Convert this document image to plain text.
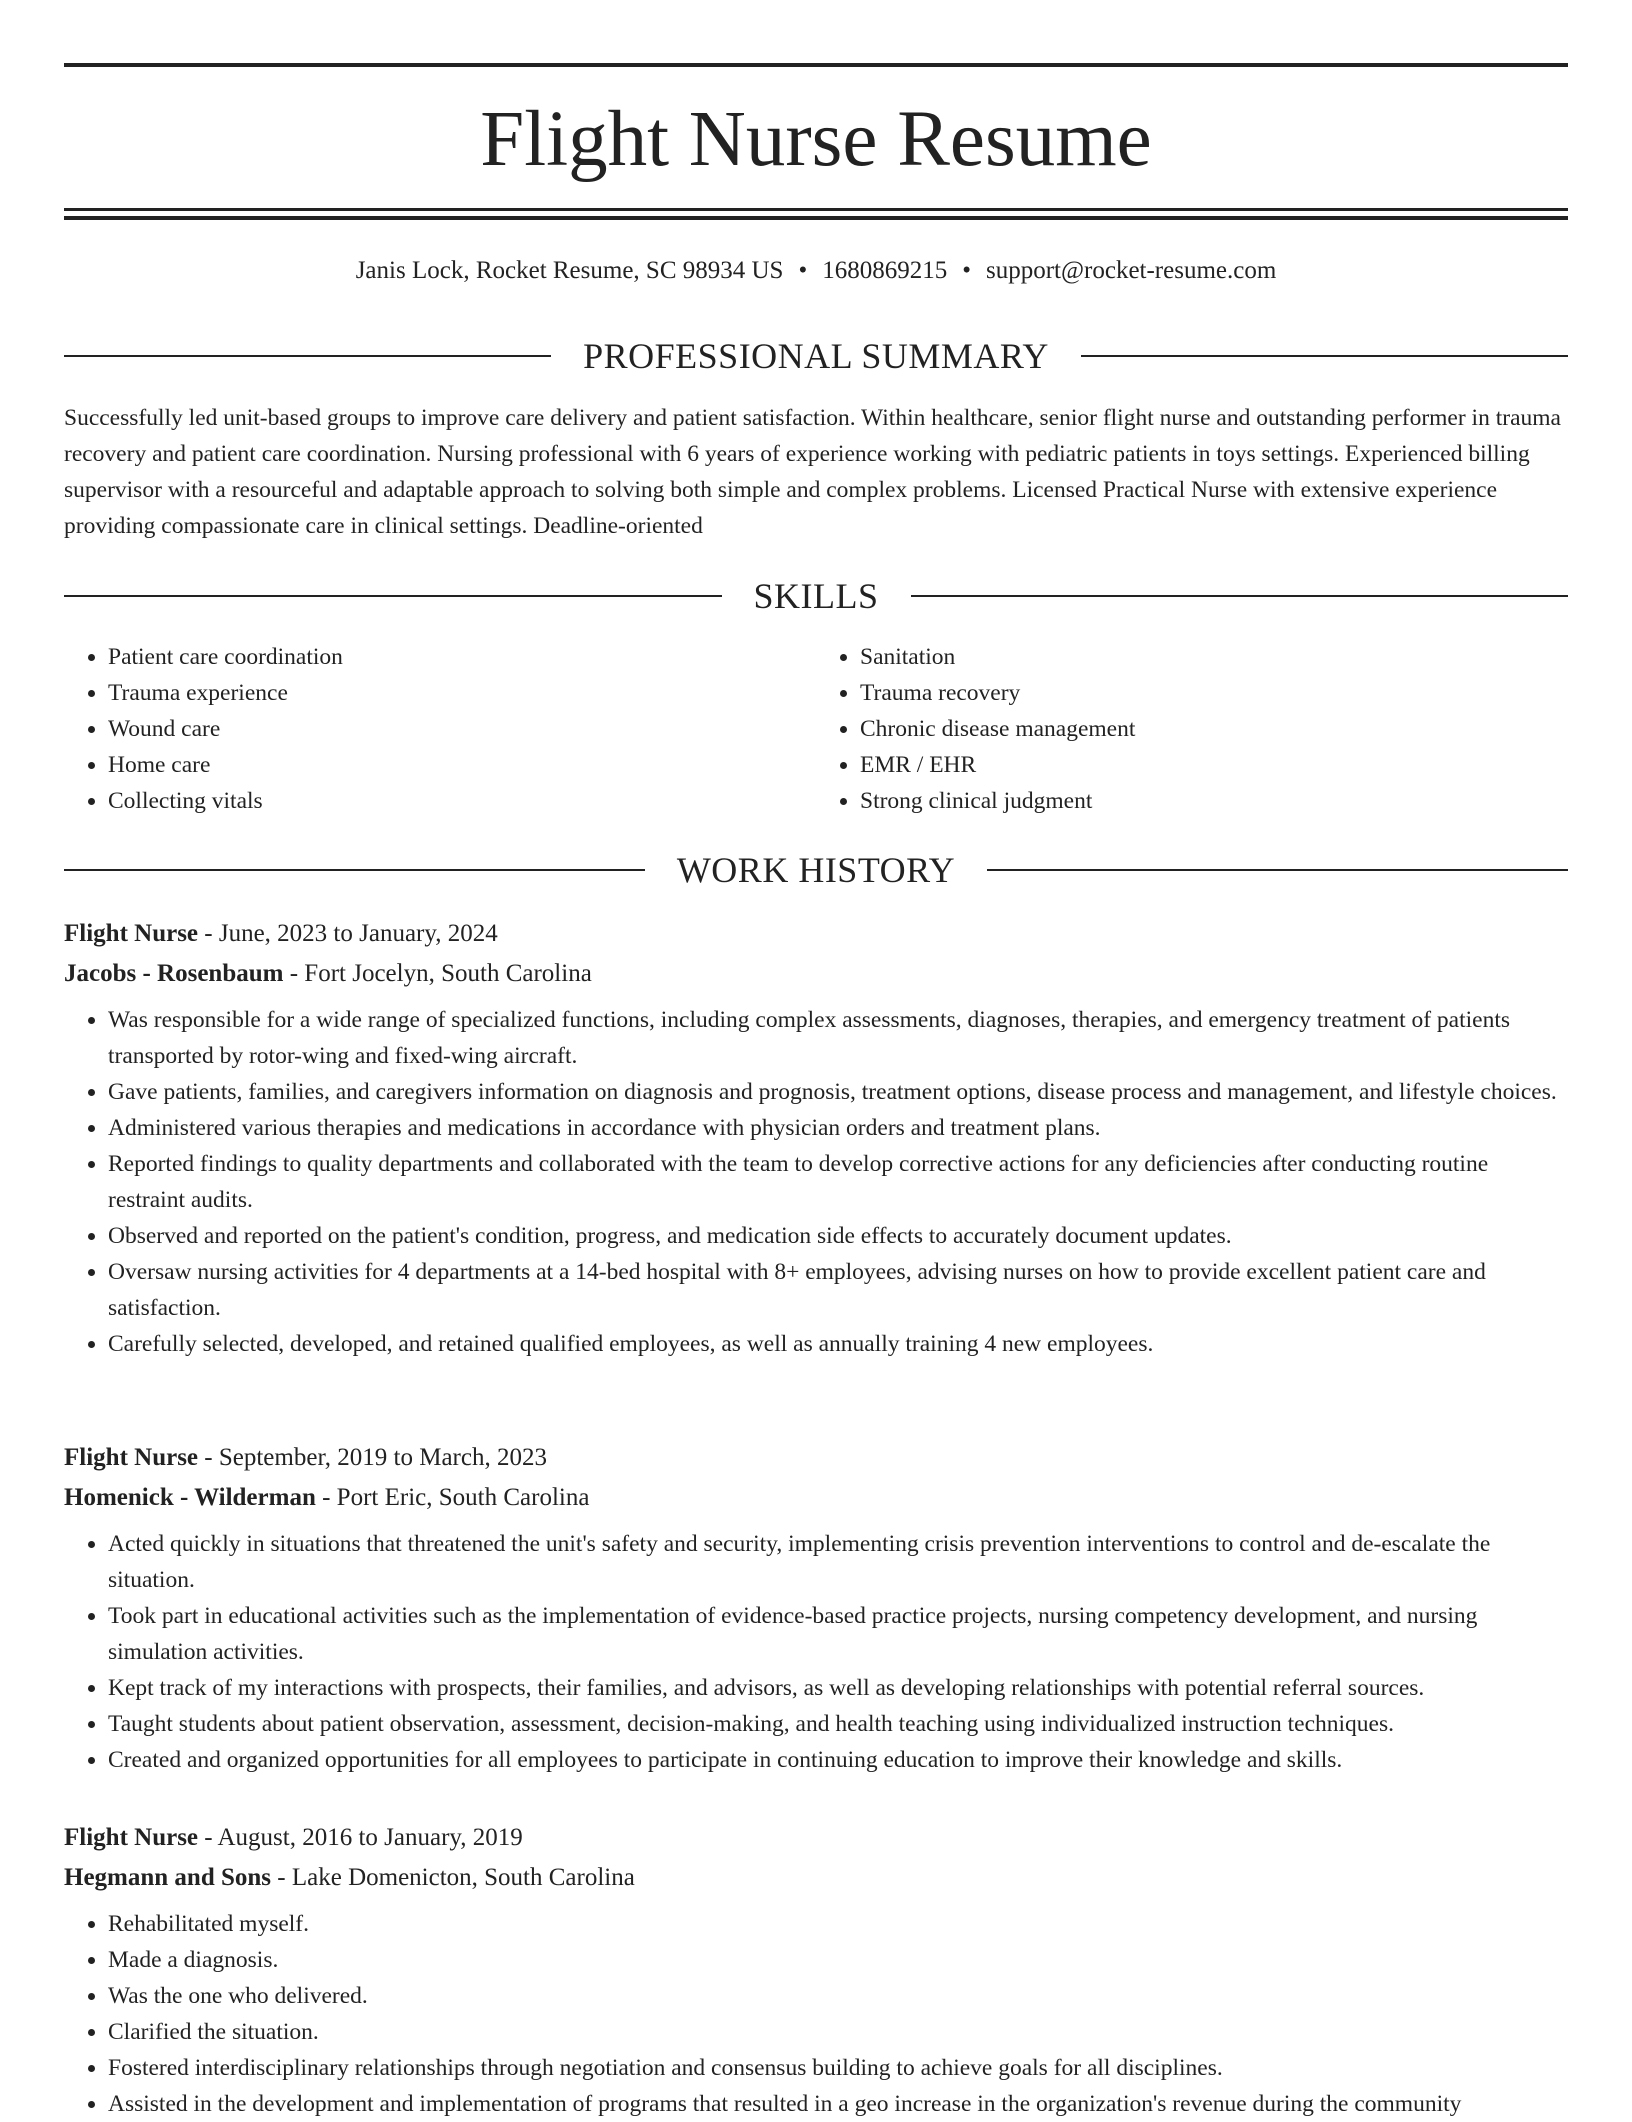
Flight Nurse Resume
Janis Lock, Rocket Resume, SC 98934 US • 1680869215 • support@rocket-resume.com
PROFESSIONAL SUMMARY
Successfully led unit-based groups to improve care delivery and patient satisfaction. Within healthcare, senior flight nurse and outstanding performer in trauma recovery and patient care coordination. Nursing professional with 6 years of experience working with pediatric patients in toys settings. Experienced billing supervisor with a resourceful and adaptable approach to solving both simple and complex problems. Licensed Practical Nurse with extensive experience providing compassionate care in clinical settings. Deadline-oriented
SKILLS
• Patient care coordination
• Trauma experience
• Wound care
• Home care
• Collecting vitals
• Sanitation
• Trauma recovery
• Chronic disease management
• EMR / EHR
• Strong clinical judgment
WORK HISTORY
Flight Nurse - June, 2023 to January, 2024
Jacobs - Rosenbaum - Fort Jocelyn, South Carolina
• Was responsible for a wide range of specialized functions, including complex assessments, diagnoses, therapies, and emergency treatment of patients transported by rotor-wing and fixed-wing aircraft.
• Gave patients, families, and caregivers information on diagnosis and prognosis, treatment options, disease process and management, and lifestyle choices.
• Administered various therapies and medications in accordance with physician orders and treatment plans.
• Reported findings to quality departments and collaborated with the team to develop corrective actions for any deficiencies after conducting routine restraint audits.
• Observed and reported on the patient's condition, progress, and medication side effects to accurately document updates.
• Oversaw nursing activities for 4 departments at a 14-bed hospital with 8+ employees, advising nurses on how to provide excellent patient care and satisfaction.
• Carefully selected, developed, and retained qualified employees, as well as annually training 4 new employees.
Flight Nurse - September, 2019 to March, 2023
Homenick - Wilderman - Port Eric, South Carolina
• Acted quickly in situations that threatened the unit's safety and security, implementing crisis prevention interventions to control and de-escalate the situation.
• Took part in educational activities such as the implementation of evidence-based practice projects, nursing competency development, and nursing simulation activities.
• Kept track of my interactions with prospects, their families, and advisors, as well as developing relationships with potential referral sources.
• Taught students about patient observation, assessment, decision-making, and health teaching using individualized instruction techniques.
• Created and organized opportunities for all employees to participate in continuing education to improve their knowledge and skills.
Flight Nurse - August, 2016 to January, 2019
Hegmann and Sons - Lake Domenicton, South Carolina
• Rehabilitated myself.
• Made a diagnosis.
• Was the one who delivered.
• Clarified the situation.
• Fostered interdisciplinary relationships through negotiation and consensus building to achieve goals for all disciplines.
• Assisted in the development and implementation of programs that resulted in a geo increase in the organization's revenue during the community
